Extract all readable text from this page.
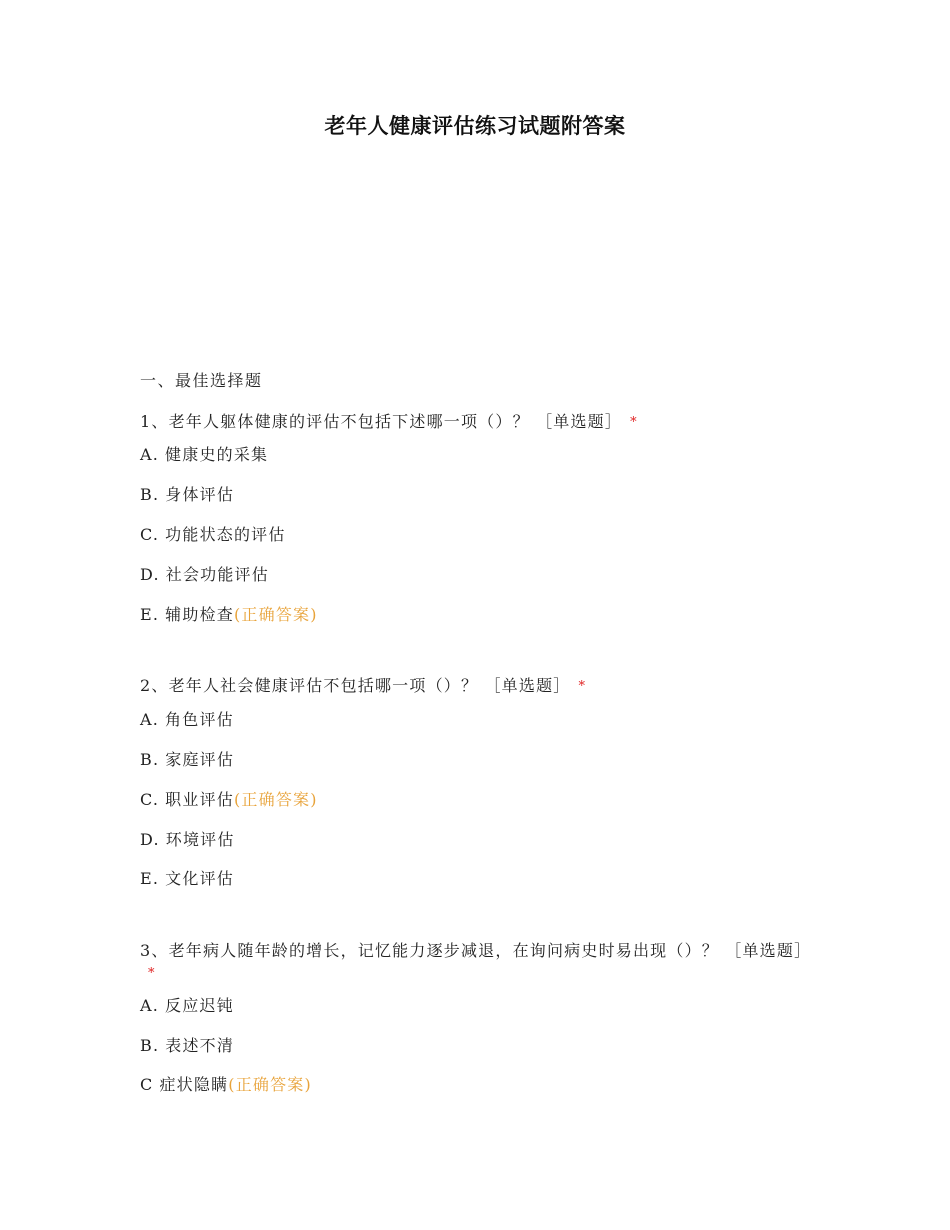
老年人健康评估练习试题附答案
一、最佳选择题

1、老年人躯体健康的评估不包括下述哪一项（）？ ［单选题］ *

A. 健康史的采集
B. 身体评估
C. 功能状态的评估
D. 社会功能评估
E. 辅助检查(正确答案)

2、老年人社会健康评估不包括哪一项（）？ ［单选题］ *

A. 角色评估
B. 家庭评估
C. 职业评估(正确答案)
D. 环境评估
E. 文化评估

3、老年病人随年龄的增长，记忆能力逐步减退，在询问病史时易出现（）？ ［单选题］*

A. 反应迟钝
B. 表述不清
C 症状隐瞒(正确答案)
